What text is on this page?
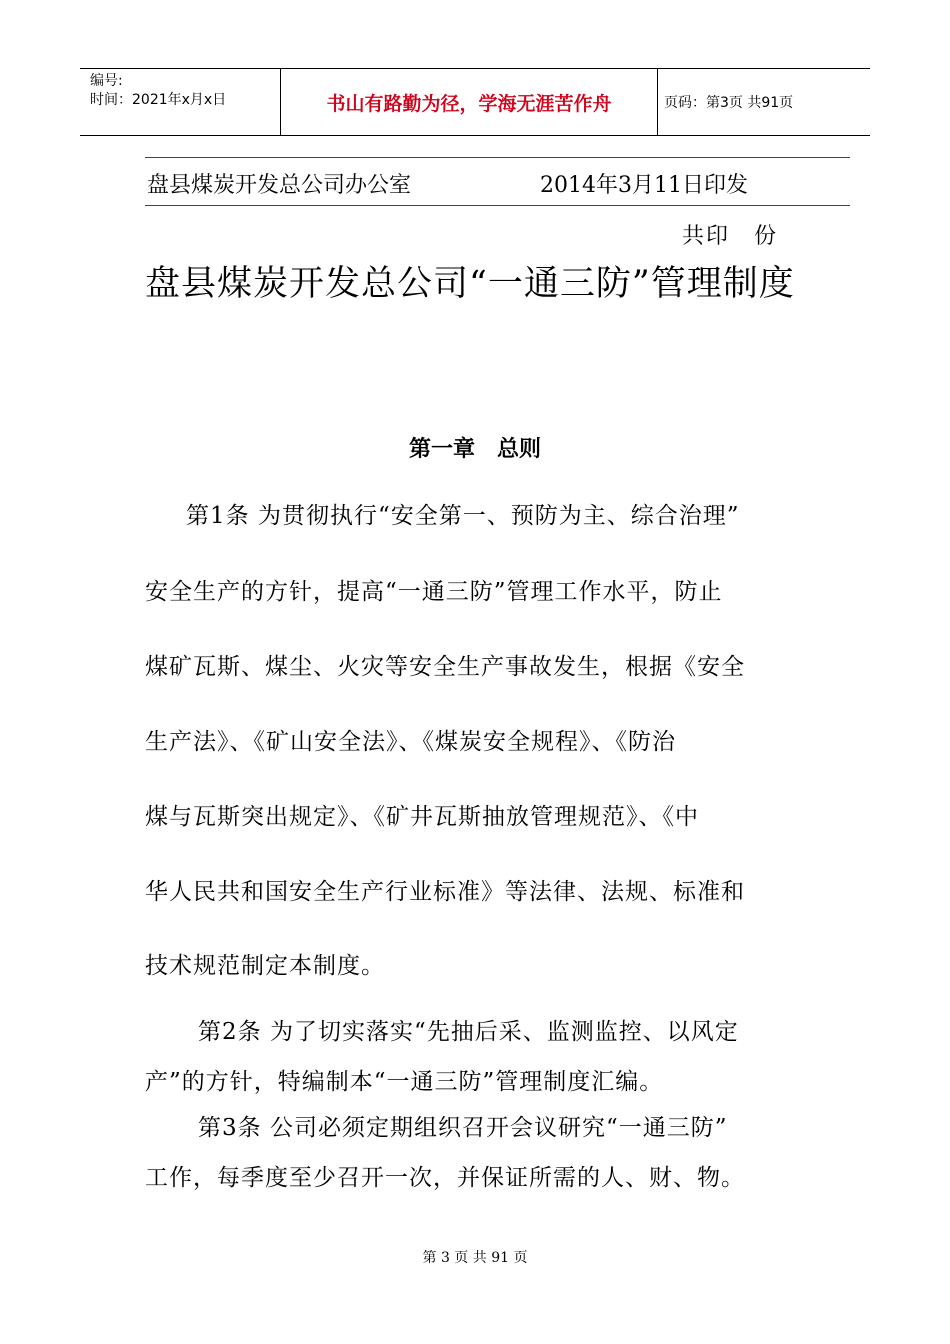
编号:
时间：2021年x月x日	书山有路勤为径，学海无涯苦作舟	页码：第3页 共91页
盘县煤炭开发总公司办公室	2014年3月11日印发
共印　份
盘县煤炭开发总公司“一通三防”管理制度
第一章　总则
第1条 为贯彻执行“安全第一、预防为主、综合治理”
安全生产的方针，提高“一通三防”管理工作水平，防止
煤矿瓦斯、煤尘、火灾等安全生产事故发生，根据《安全
生产法》、《矿山安全法》、《煤炭安全规程》、《防治
煤与瓦斯突出规定》、《矿井瓦斯抽放管理规范》、《中
华人民共和国安全生产行业标准》等法律、法规、标准和
技术规范制定本制度。
第2条 为了切实落实“先抽后采、监测监控、以风定
产”的方针，特编制本“一通三防”管理制度汇编。
第3条 公司必须定期组织召开会议研究“一通三防”
工作，每季度至少召开一次，并保证所需的人、财、物。
第 3 页 共 91 页
